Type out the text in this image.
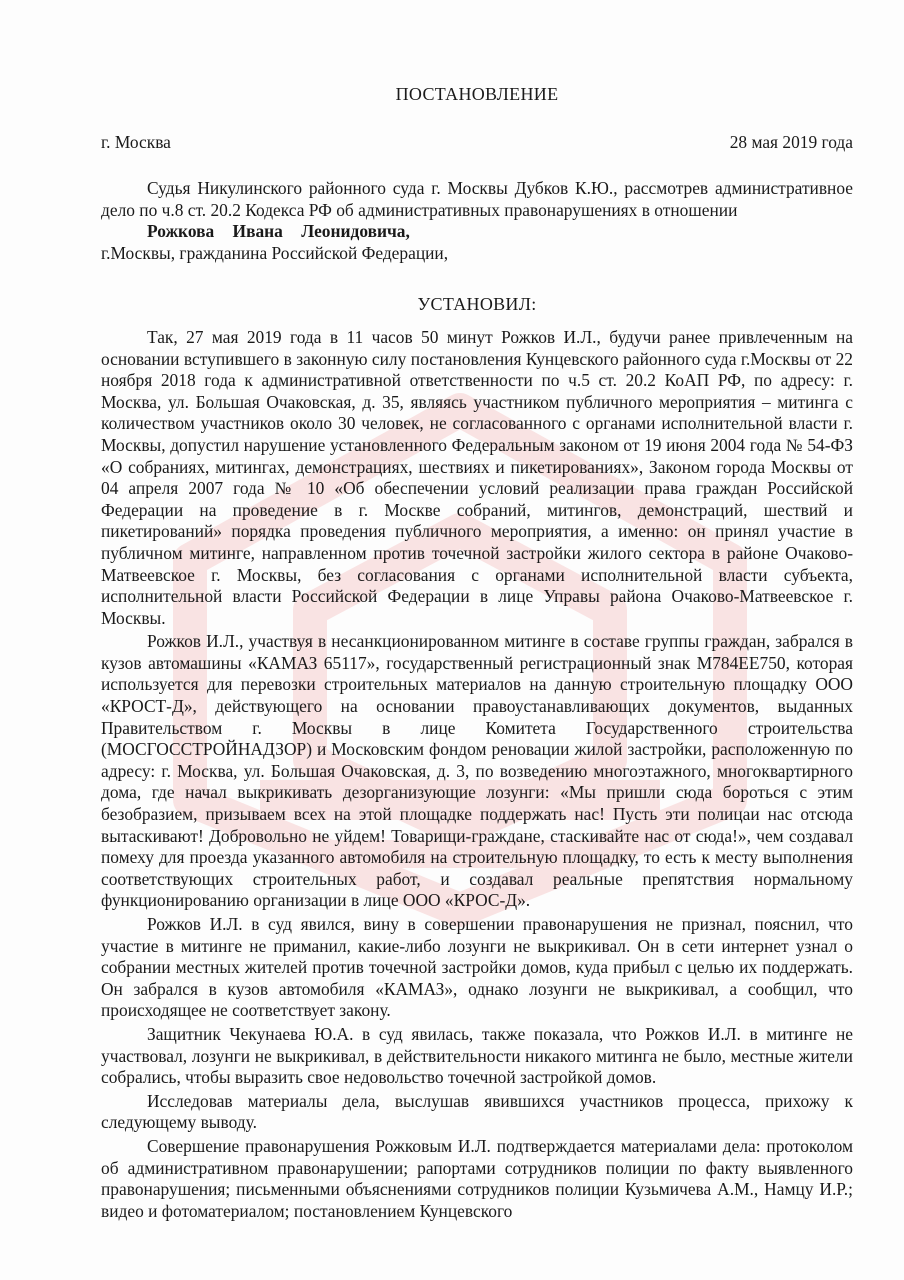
ПОСТАНОВЛЕНИЕ
г. Москва	28 мая 2019 года

Судья Никулинского районного суда г. Москвы Дубков К.Ю., рассмотрев административное дело по ч.8 ст. 20.2 Кодекса РФ об административных правонарушениях в отношении

Рожкова Ивана Леонидовича,

г.Москвы, гражданина Российской Федерации,

УСТАНОВИЛ:

Так, 27 мая 2019 года в 11 часов 50 минут Рожков И.Л., будучи ранее привлеченным на основании вступившего в законную силу постановления Кунцевского районного суда г.Москвы от 22 ноября 2018 года к административной ответственности по ч.5 ст. 20.2 КоАП РФ, по адресу: г. Москва, ул. Большая Очаковская, д. 35, являясь участником публичного мероприятия – митинга с количеством участников около 30 человек, не согласованного с органами исполнительной власти г. Москвы, допустил нарушение установленного Федеральным законом от 19 июня 2004 года № 54-ФЗ «О собраниях, митингах, демонстрациях, шествиях и пикетированиях», Законом города Москвы от 04 апреля 2007 года № 10 «Об обеспечении условий реализации права граждан Российской Федерации на проведение в г. Москве собраний, митингов, демонстраций, шествий и пикетирований» порядка проведения публичного мероприятия, а именно: он принял участие в публичном митинге, направленном против точечной застройки жилого сектора в районе Очаково-Матвеевское г. Москвы, без согласования с органами исполнительной власти субъекта, исполнительной власти Российской Федерации в лице Управы района Очаково-Матвеевское г. Москвы.

Рожков И.Л., участвуя в несанкционированном митинге в составе группы граждан, забрался в кузов автомашины «КАМАЗ 65117», государственный регистрационный знак М784ЕЕ750, которая используется для перевозки строительных материалов на данную строительную площадку ООО «КРОСТ-Д», действующего на основании правоустанавливающих документов, выданных Правительством г. Москвы в лице Комитета Государственного строительства (МОСГОССТРОЙНАДЗОР) и Московским фондом реновации жилой застройки, расположенную по адресу: г. Москва, ул. Большая Очаковская, д. 3, по возведению многоэтажного, многоквартирного дома, где начал выкрикивать дезорганизующие лозунги: «Мы пришли сюда бороться с этим безобразием, призываем всех на этой площадке поддержать нас! Пусть эти полицаи нас отсюда вытаскивают! Добровольно не уйдем! Товарищи-граждане, стаскивайте нас от сюда!», чем создавал помеху для проезда указанного автомобиля на строительную площадку, то есть к месту выполнения соответствующих строительных работ, и создавал реальные препятствия нормальному функционированию организации в лице ООО «КРОС-Д».

Рожков И.Л. в суд явился, вину в совершении правонарушения не признал, пояснил, что участие в митинге не приманил, какие-либо лозунги не выкрикивал. Он в сети интернет узнал о собрании местных жителей против точечной застройки домов, куда прибыл с целью их поддержать. Он забрался в кузов автомобиля «КАМАЗ», однако лозунги не выкрикивал, а сообщил, что происходящее не соответствует закону.

Защитник Чекунаева Ю.А. в суд явилась, также показала, что Рожков И.Л. в митинге не участвовал, лозунги не выкрикивал, в действительности никакого митинга не было, местные жители собрались, чтобы выразить свое недовольство точечной застройкой домов.

Исследовав материалы дела, выслушав явившихся участников процесса, прихожу к следующему выводу.

Совершение правонарушения Рожковым И.Л. подтверждается материалами дела: протоколом об административном правонарушении; рапортами сотрудников полиции по факту выявленного правонарушения; письменными объяснениями сотрудников полиции Кузьмичева А.М., Намцу И.Р.; видео и фотоматериалом; постановлением Кунцевского
